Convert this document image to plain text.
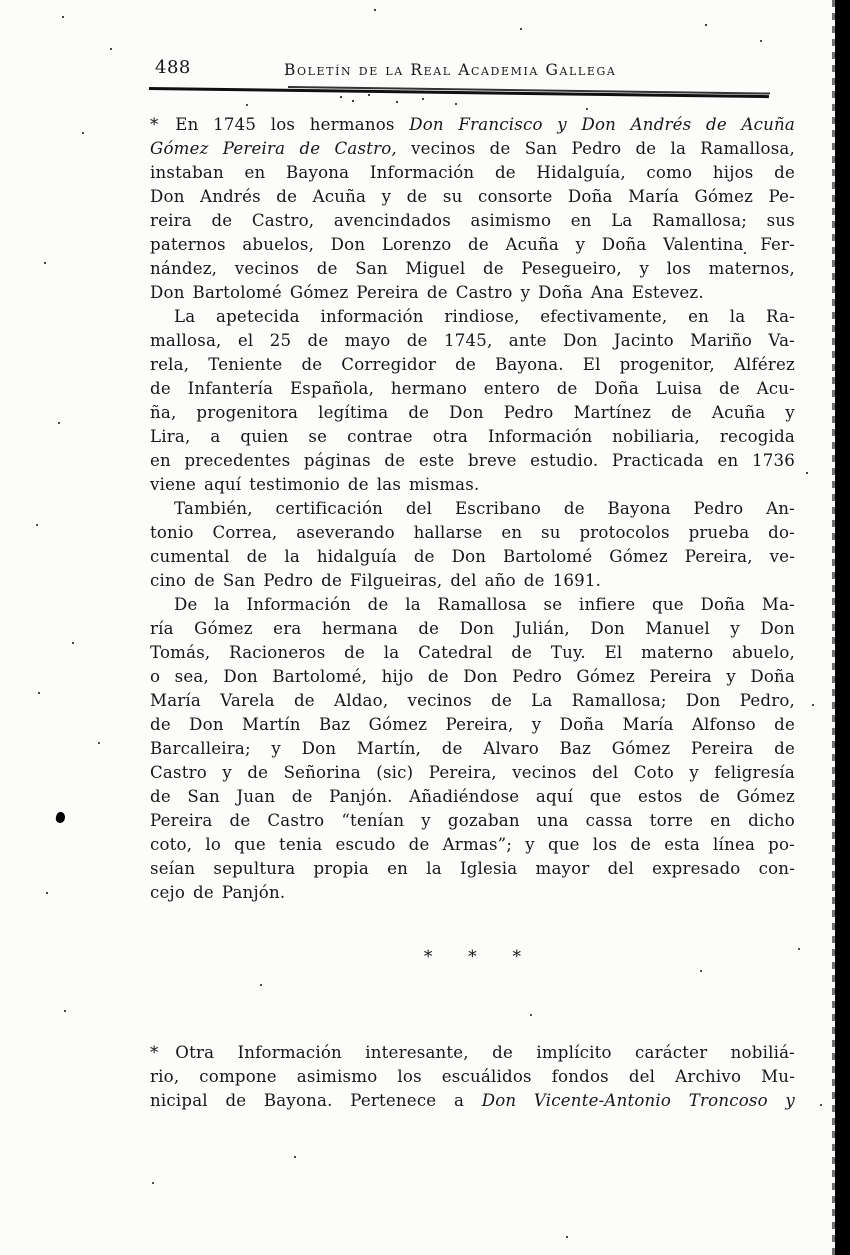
488	Boletín de la Real Academia Gallega
* En 1745 los hermanos Don Francisco y Don Andrés de Acuña
Gómez Pereira de Castro, vecinos de San Pedro de la Ramallosa,
instaban en Bayona Información de Hidalguía, como hijos de
Don Andrés de Acuña y de su consorte Doña María Gómez Pe-
reira de Castro, avencindados asimismo en La Ramallosa; sus
paternos abuelos, Don Lorenzo de Acuña y Doña Valentina Fer-
nández, vecinos de San Miguel de Pesegueiro, y los maternos,
Don Bartolomé Gómez Pereira de Castro y Doña Ana Estevez.
La apetecida información rindiose, efectivamente, en la Ra-
mallosa, el 25 de mayo de 1745, ante Don Jacinto Mariño Va-
rela, Teniente de Corregidor de Bayona. El progenitor, Alférez
de Infantería Española, hermano entero de Doña Luisa de Acu-
ña, progenitora legítima de Don Pedro Martínez de Acuña y
Lira, a quien se contrae otra Información nobiliaria, recogida
en precedentes páginas de este breve estudio. Practicada en 1736
viene aquí testimonio de las mismas.
También, certificación del Escribano de Bayona Pedro An-
tonio Correa, aseverando hallarse en su protocolos prueba do-
cumental de la hidalguía de Don Bartolomé Gómez Pereira, ve-
cino de San Pedro de Filgueiras, del año de 1691.
De la Información de la Ramallosa se infiere que Doña Ma-
ría Gómez era hermana de Don Julián, Don Manuel y Don
Tomás, Racioneros de la Catedral de Tuy. El materno abuelo,
o sea, Don Bartolomé, hijo de Don Pedro Gómez Pereira y Doña
María Varela de Aldao, vecinos de La Ramallosa; Don Pedro,
de Don Martín Baz Gómez Pereira, y Doña María Alfonso de
Barcalleira; y Don Martín, de Alvaro Baz Gómez Pereira de
Castro y de Señorina (sic) Pereira, vecinos del Coto y feligresía
de San Juan de Panjón. Añadiéndose aquí que estos de Gómez
Pereira de Castro “tenían y gozaban una cassa torre en dicho
coto, lo que tenia escudo de Armas”; y que los de esta línea po-
seían sepultura propia en la Iglesia mayor del expresado con-
cejo de Panjón.
* * *
* Otra Información interesante, de implícito carácter nobiliá-
rio, compone asimismo los escuálidos fondos del Archivo Mu-
nicipal de Bayona. Pertenece a Don Vicente-Antonio Troncoso y
